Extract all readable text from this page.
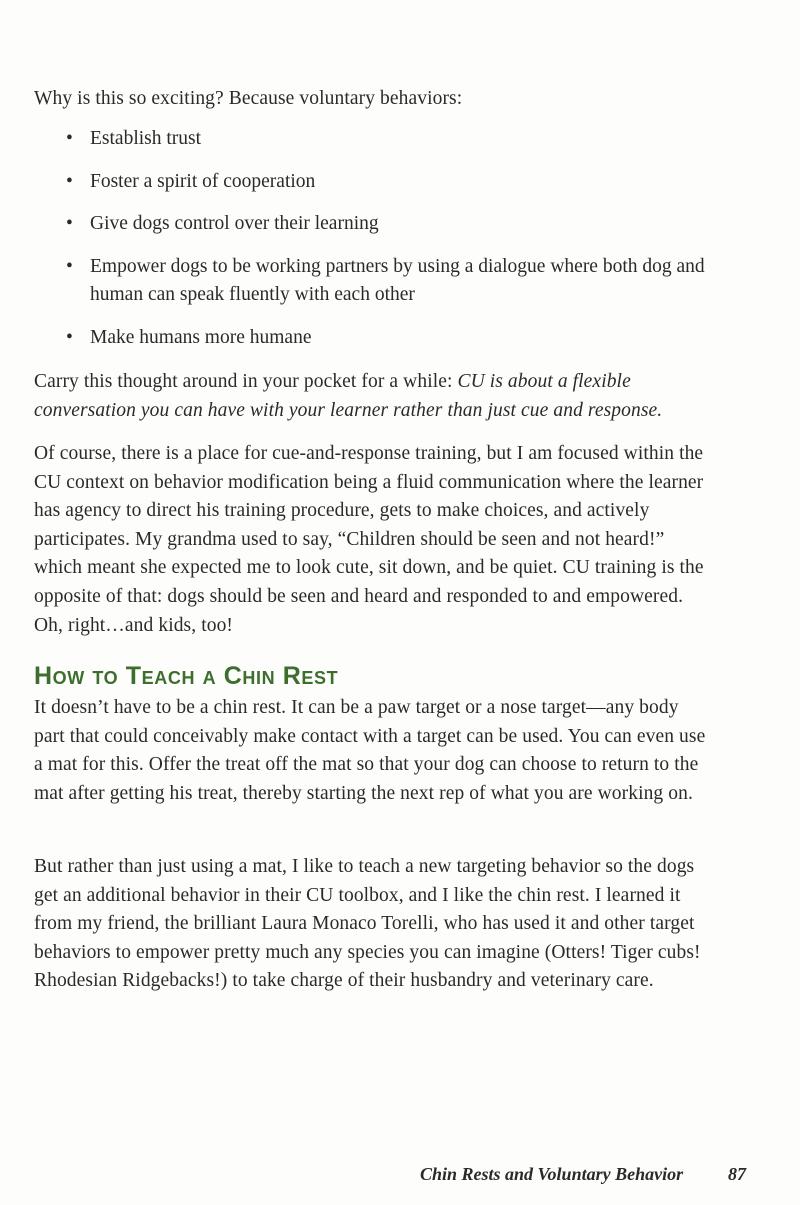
Why is this so exciting? Because voluntary behaviors:

• Establish trust
• Foster a spirit of cooperation
• Give dogs control over their learning
• Empower dogs to be working partners by using a dialogue where both dog and human can speak fluently with each other
• Make humans more humane

Carry this thought around in your pocket for a while: CU is about a flexible conversation you can have with your learner rather than just cue and response.

Of course, there is a place for cue-and-response training, but I am focused within the CU context on behavior modification being a fluid communication where the learner has agency to direct his training procedure, gets to make choices, and actively participates. My grandma used to say, “Children should be seen and not heard!” which meant she expected me to look cute, sit down, and be quiet. CU training is the opposite of that: dogs should be seen and heard and responded to and empowered. Oh, right…and kids, too!

How to Teach a Chin Rest

It doesn’t have to be a chin rest. It can be a paw target or a nose target—any body part that could conceivably make contact with a target can be used. You can even use a mat for this. Offer the treat off the mat so that your dog can choose to return to the mat after getting his treat, thereby starting the next rep of what you are working on.

But rather than just using a mat, I like to teach a new targeting behavior so the dogs get an additional behavior in their CU toolbox, and I like the chin rest. I learned it from my friend, the brilliant Laura Monaco Torelli, who has used it and other target behaviors to empower pretty much any species you can imagine (Otters! Tiger cubs! Rhodesian Ridgebacks!) to take charge of their husbandry and veterinary care.

Chin Rests and Voluntary Behavior 87
